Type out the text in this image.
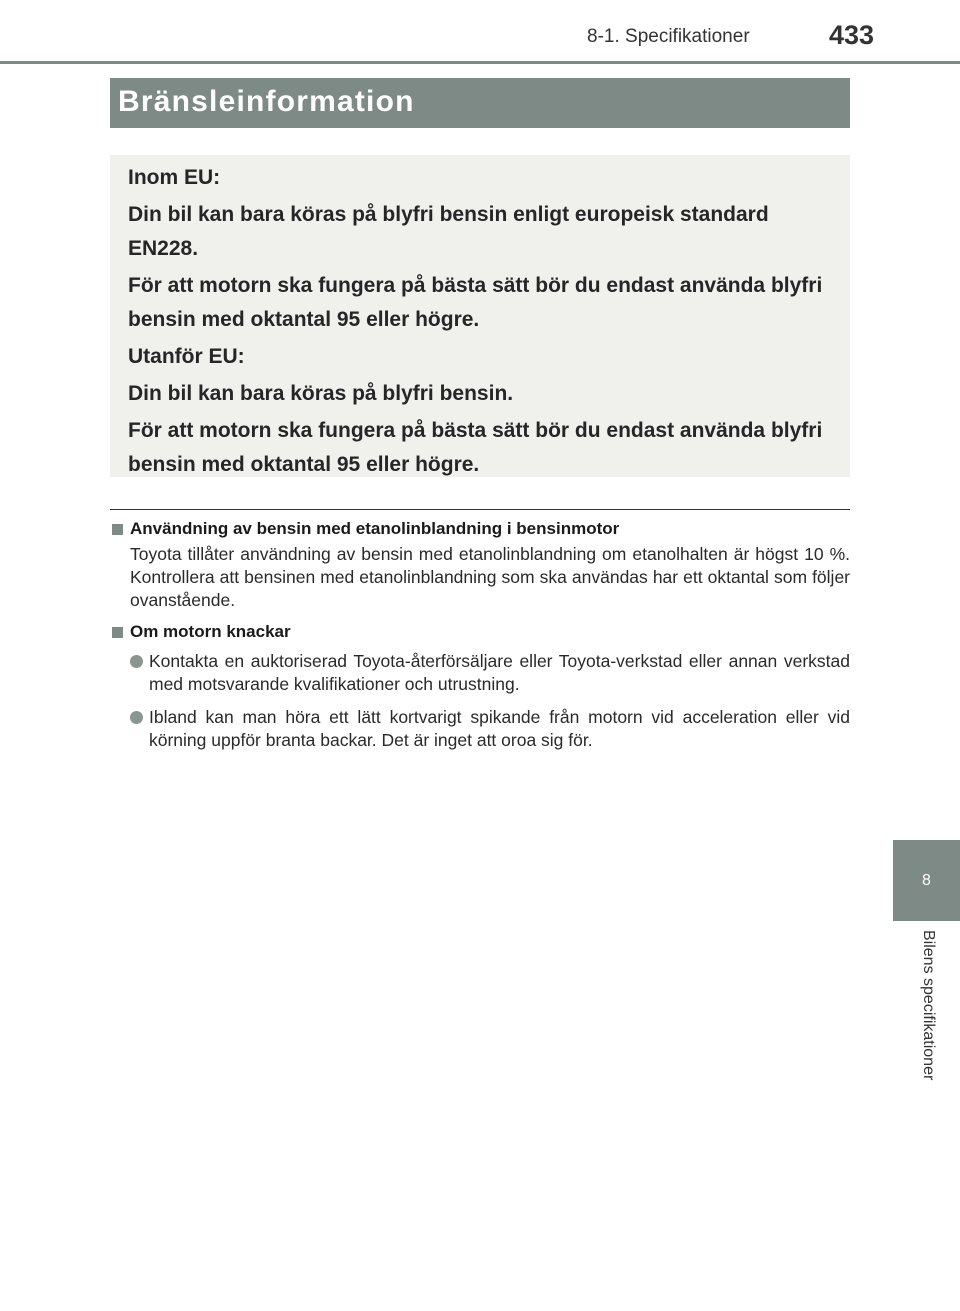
8-1. Specifikationer	433
Bränsleinformation

Inom EU:

Din bil kan bara köras på blyfri bensin enligt europeisk standard EN228.

För att motorn ska fungera på bästa sätt bör du endast använda blyfri bensin med oktantal 95 eller högre.

Utanför EU:

Din bil kan bara köras på blyfri bensin.

För att motorn ska fungera på bästa sätt bör du endast använda blyfri bensin med oktantal 95 eller högre.

Användning av bensin med etanolinblandning i bensinmotor

Toyota tillåter användning av bensin med etanolinblandning om etanolhalten är högst 10 %. Kontrollera att bensinen med etanolinblandning som ska användas har ett oktantal som följer ovanstående.

Om motorn knackar
Kontakta en auktoriserad Toyota-återförsäljare eller Toyota-verkstad eller annan verkstad med motsvarande kvalifikationer och utrustning.
Ibland kan man höra ett lätt kortvarigt spikande från motorn vid acceleration eller vid körning uppför branta backar. Det är inget att oroa sig för.
8
Bilens specifikationer
